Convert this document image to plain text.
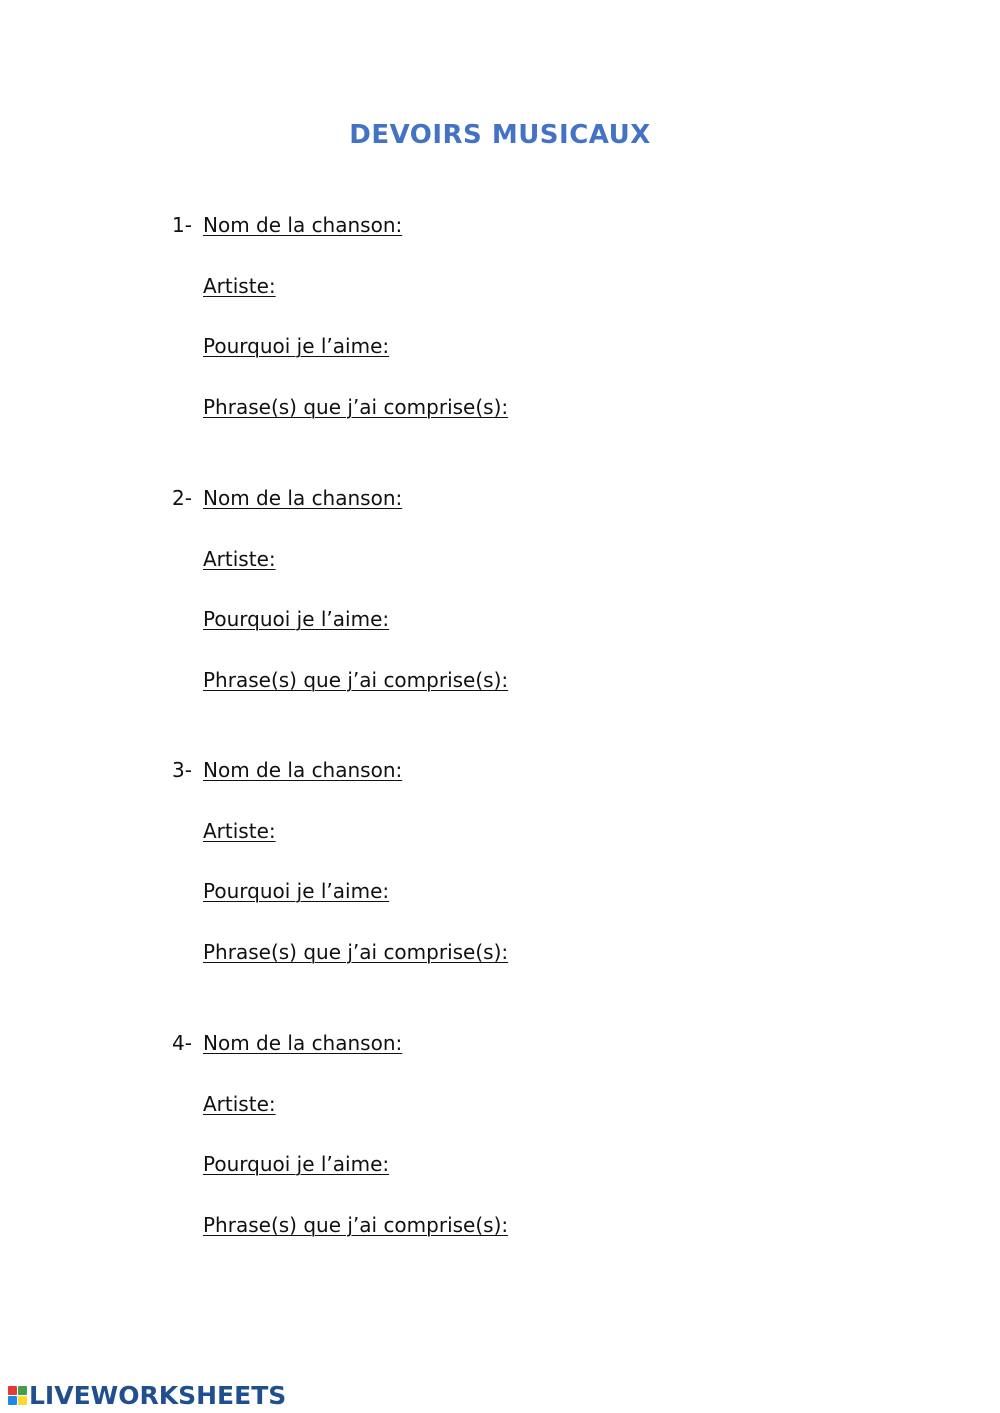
DEVOIRS MUSICAUX
1- Nom de la chanson:
Artiste:
Pourquoi je l’aime:
Phrase(s) que j’ai comprise(s):
2- Nom de la chanson:
Artiste:
Pourquoi je l’aime:
Phrase(s) que j’ai comprise(s):
3- Nom de la chanson:
Artiste:
Pourquoi je l’aime:
Phrase(s) que j’ai comprise(s):
4- Nom de la chanson:
Artiste:
Pourquoi je l’aime:
Phrase(s) que j’ai comprise(s):
LIVEWORKSHEETS
